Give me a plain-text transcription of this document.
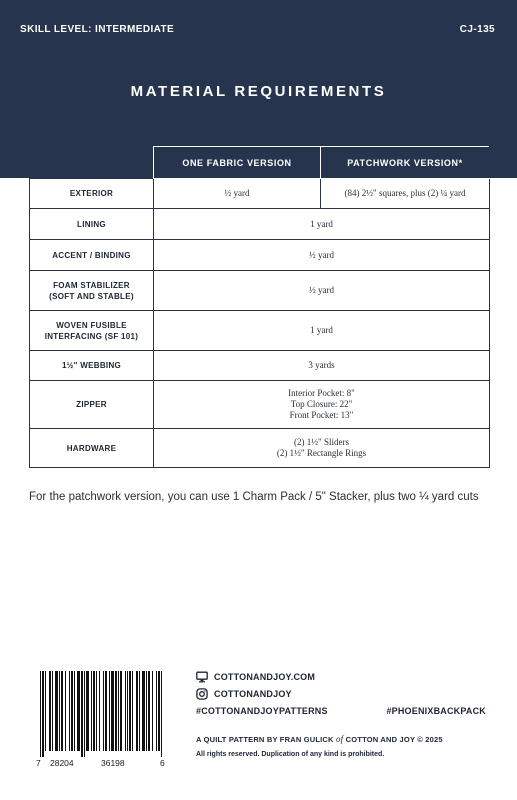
SKILL LEVEL: INTERMEDIATE	CJ-135
MATERIAL REQUIREMENTS
	ONE FABRIC VERSION	PATCHWORK VERSION*

EXTERIOR	½ yard	(84) 2½" squares, plus (2) ¼ yard

LINING	1 yard	

ACCENT / BINDING	½ yard	

FOAM STABILIZER
(SOFT AND STABLE)	½ yard	

WOVEN FUSIBLE
INTERFACING (SF 101)	1 yard	

1½" WEBBING	3 yards	

ZIPPER	Interior Pocket: 8"
Top Closure: 22"
Front Pocket: 13"	

HARDWARE	(2) 1½" Sliders
(2) 1½" Rectangle Rings	
For the patchwork version, you can use 1 Charm Pack / 5" Stacker, plus two ¼ yard cuts
7 28204	36198	6
COTTONANDJOY.COM
COTTONANDJOY
#COTTONANDJOYPATTERNS	#PHOENIXBACKPACK
A QUILT PATTERN BY FRAN GULICK of COTTON AND JOY © 2025
All rights reserved. Duplication of any kind is prohibited.
